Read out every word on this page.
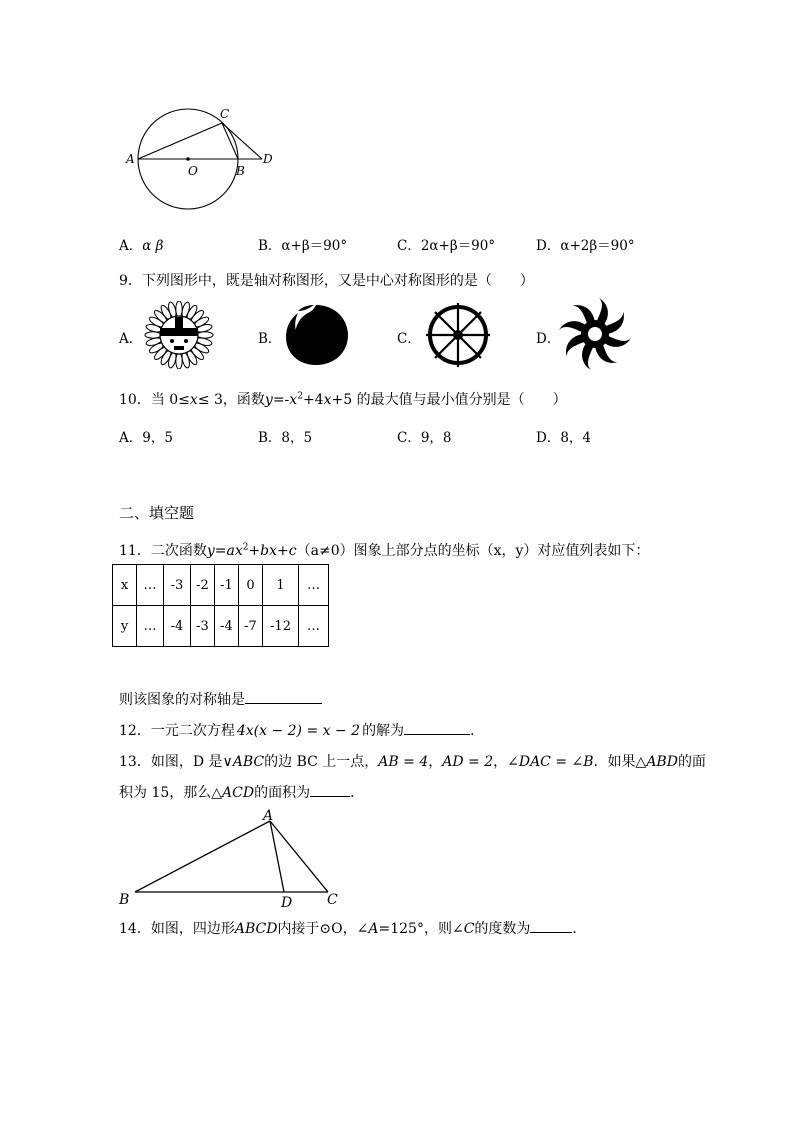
A
C
O	B
D
A．α β	B．α+β＝90°	C．2α+β＝90°	D．α+2β＝90°
9．下列图形中，既是轴对称图形，又是中心对称图形的是（　　）
A．	B．	C．	D．
10．当 0≤x≤ 3，函数$y=-x^2+4x+5$ 的最大值与最小值分别是（　　）
A．9，5	B．8，5	C．9，8	D．8，4
二、填空题
11．二次函数$y=ax^2+bx+c(a\ne 0)$图象上部分点的坐标（x，y）对应值列表如下：
x	…	-3	-2	-1	0	1	…
y	…	-4	-3	-4	-7	-12	…
则该图象的对称轴是
12．一元二次方程 4x(x − 2) = x − 2 的解为	．
13．如图，D 是∨ABC的边 BC 上一点，AB = 4，AD = 2，∠DAC = ∠B．如果△ABD的面
积为 15，那么△ACD的面积为	．
A
B	D C
14．如图，四边形ABCD内接于⊙O，∠A=125°，则∠C的度数为	．
